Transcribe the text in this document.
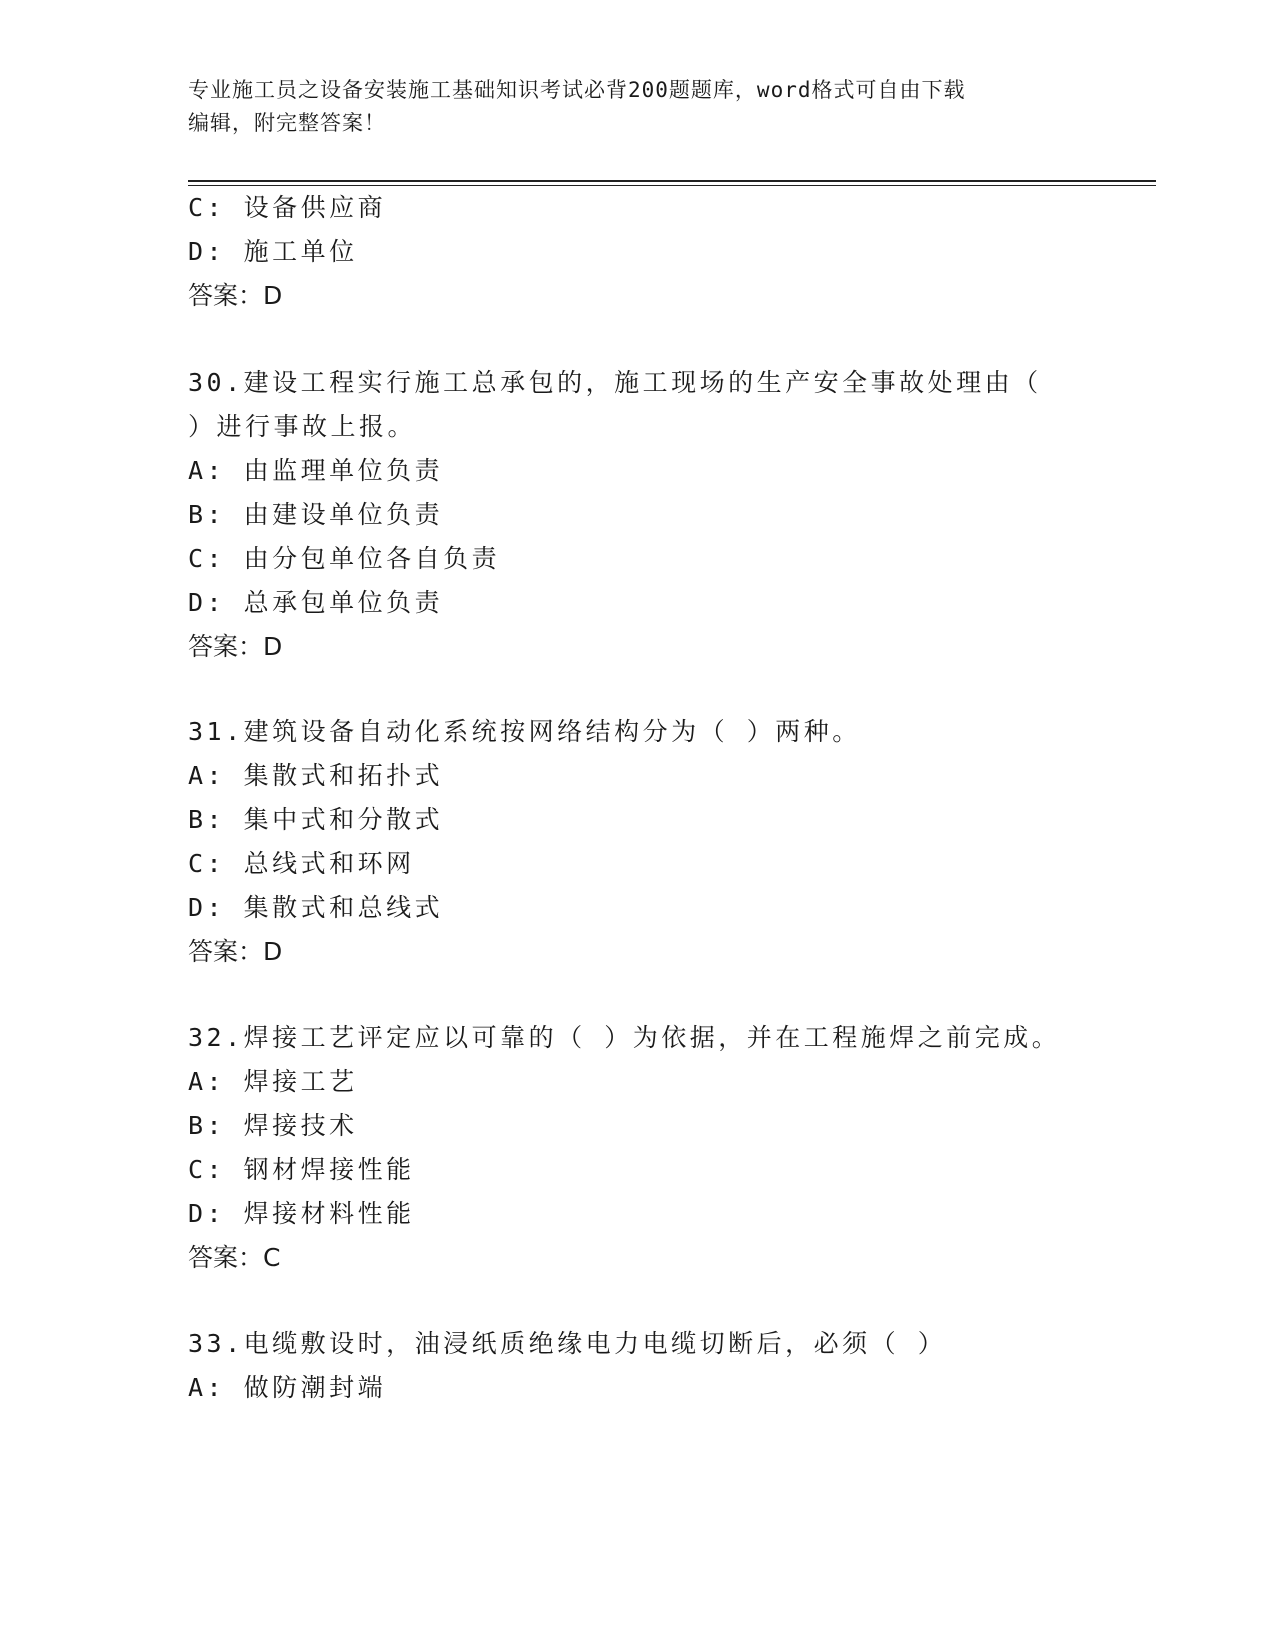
专业施工员之设备安装施工基础知识考试必背200题题库，word格式可自由下载
编辑，附完整答案！
C: 设备供应商
D: 施工单位
答案：D
30.建设工程实行施工总承包的，施工现场的生产安全事故处理由（
）进行事故上报。
A: 由监理单位负责
B: 由建设单位负责
C: 由分包单位各自负责
D: 总承包单位负责
答案：D
31.建筑设备自动化系统按网络结构分为（ ）两种。
A: 集散式和拓扑式
B: 集中式和分散式
C: 总线式和环网
D: 集散式和总线式
答案：D
32.焊接工艺评定应以可靠的（ ）为依据，并在工程施焊之前完成。
A: 焊接工艺
B: 焊接技术
C: 钢材焊接性能
D: 焊接材料性能
答案：C
33.电缆敷设时，油浸纸质绝缘电力电缆切断后，必须（ ）
A: 做防潮封端
